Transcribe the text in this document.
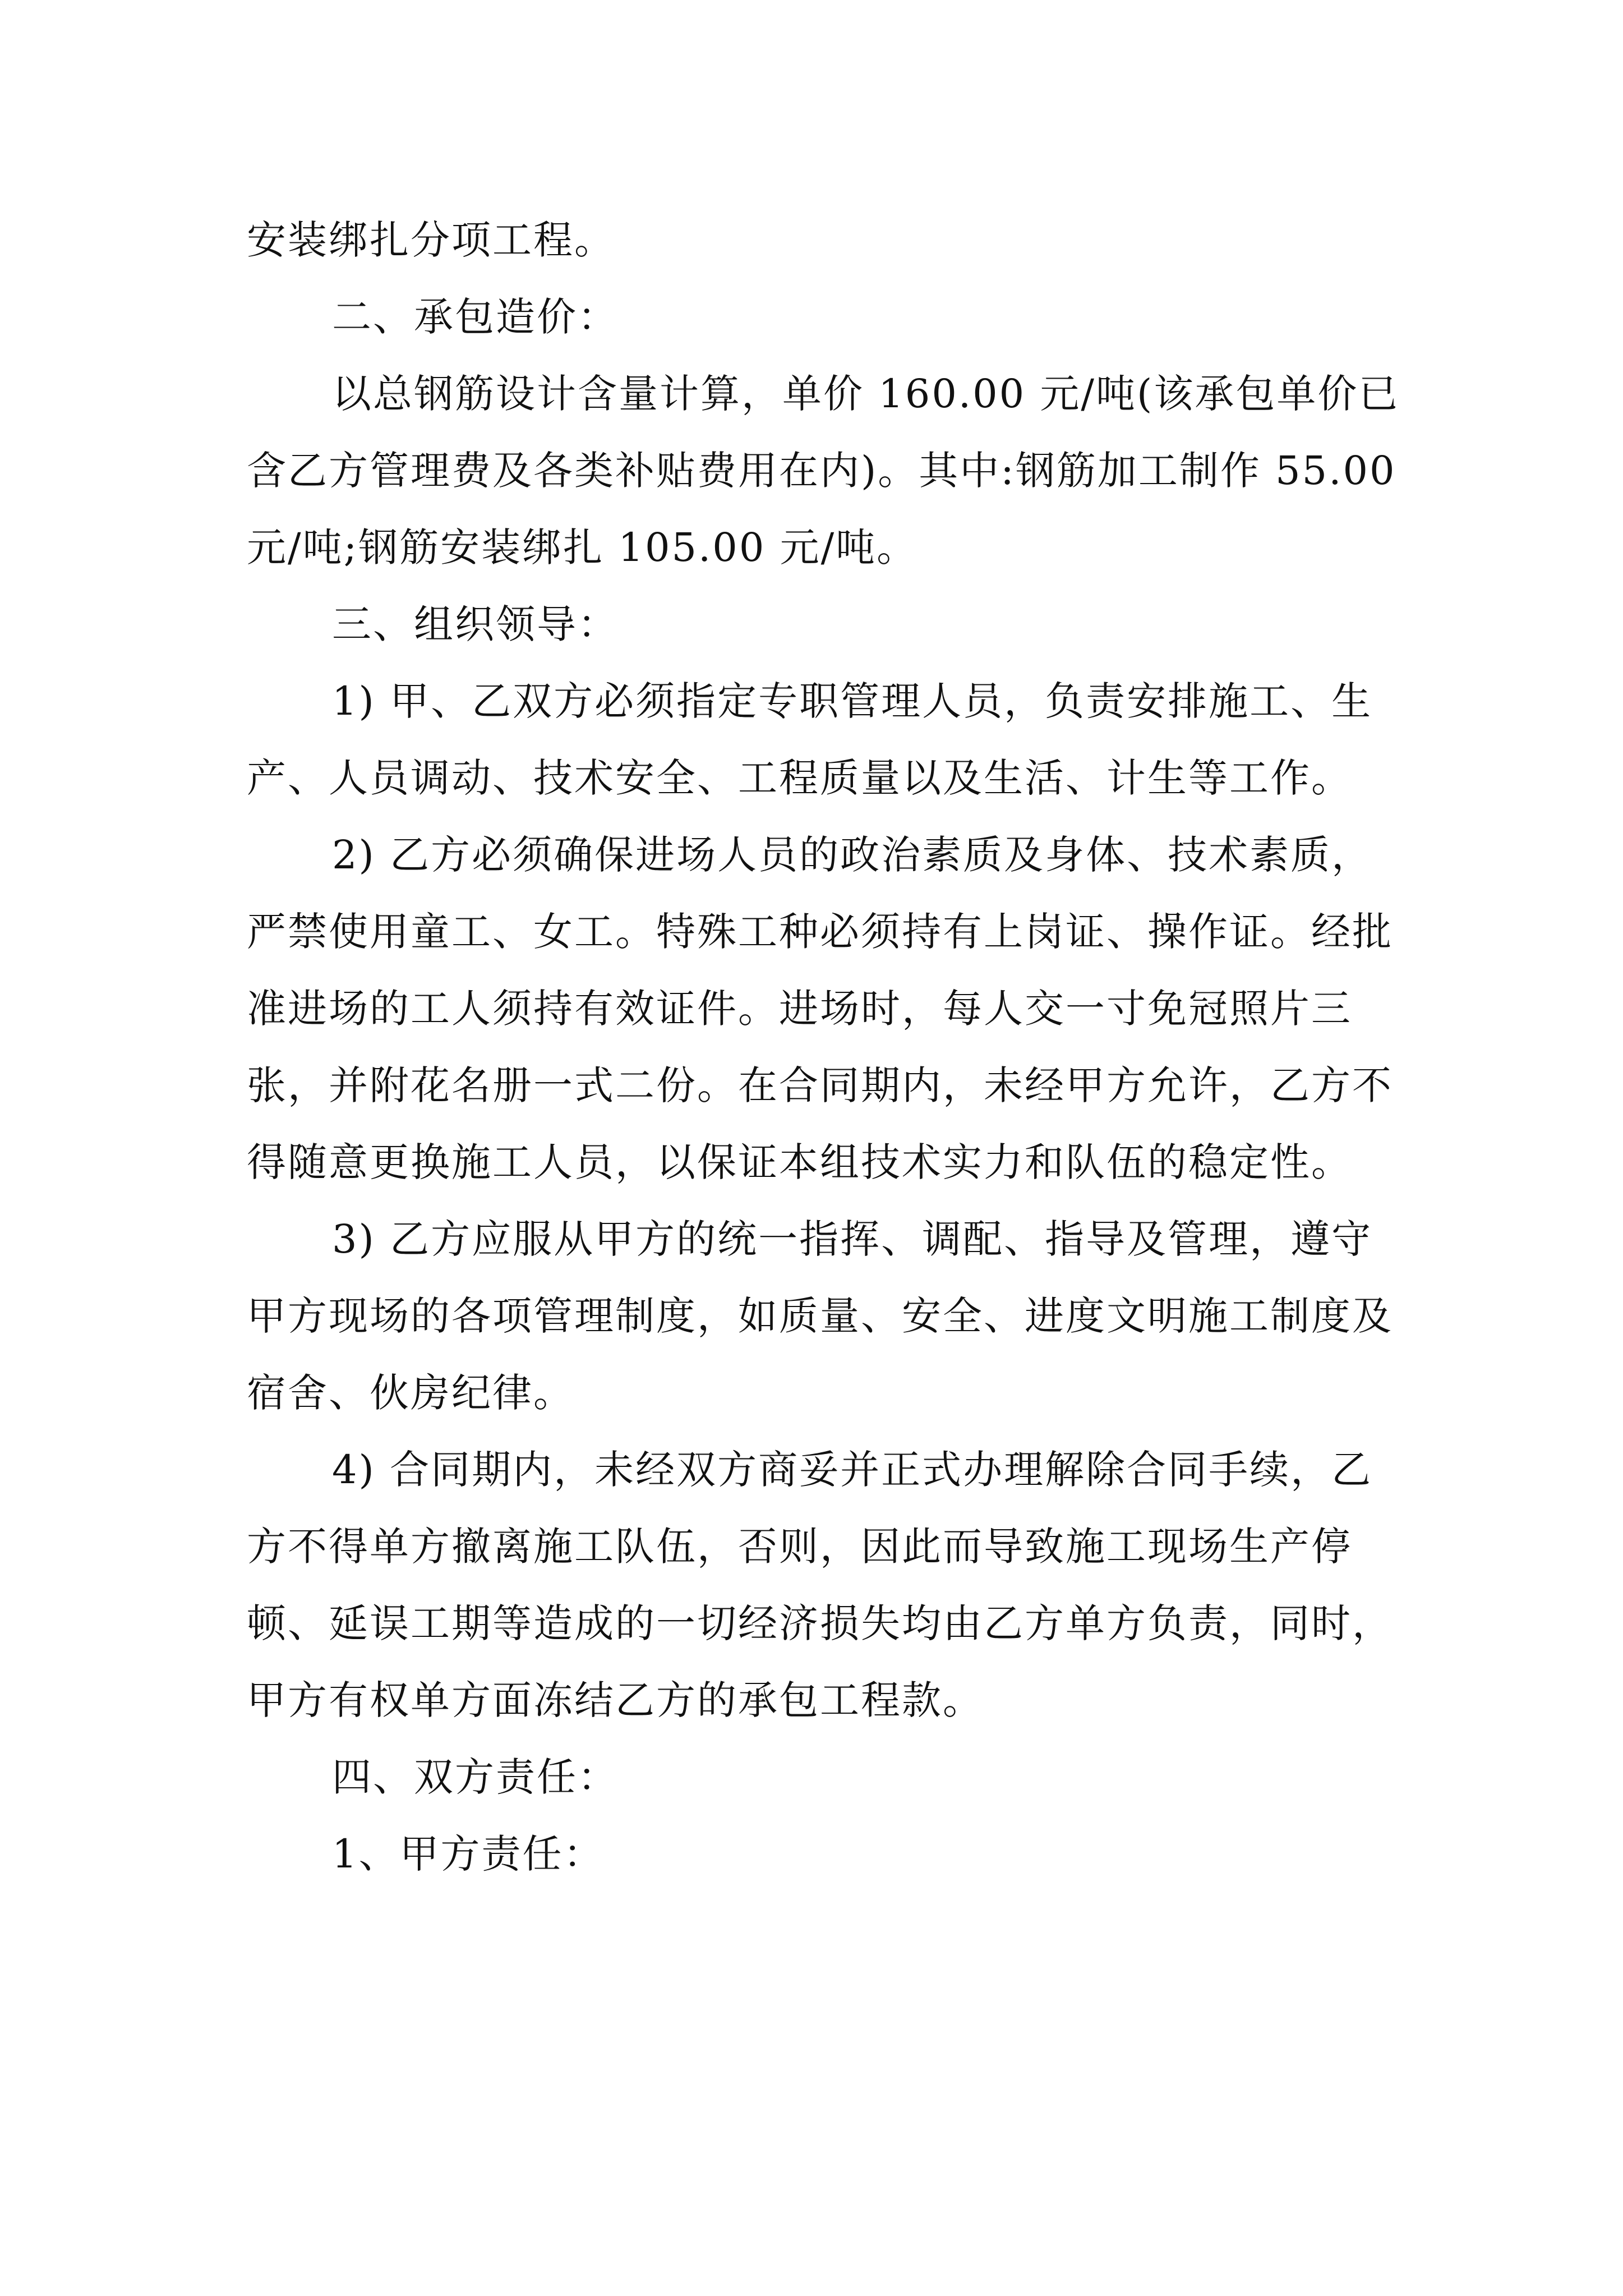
安装绑扎分项工程。

二、承包造价：

以总钢筋设计含量计算，单价 160.00 元/吨(该承包单价已含乙方管理费及各类补贴费用在内)。其中:钢筋加工制作 55.00 元/吨;钢筋安装绑扎 105.00 元/吨。

三、组织领导：

1) 甲、乙双方必须指定专职管理人员，负责安排施工、生产、人员调动、技术安全、工程质量以及生活、计生等工作。

2) 乙方必须确保进场人员的政治素质及身体、技术素质，严禁使用童工、女工。特殊工种必须持有上岗证、操作证。经批准进场的工人须持有效证件。进场时，每人交一寸免冠照片三张，并附花名册一式二份。在合同期内，未经甲方允许，乙方不得随意更换施工人员，以保证本组技术实力和队伍的稳定性。

3) 乙方应服从甲方的统一指挥、调配、指导及管理，遵守甲方现场的各项管理制度，如质量、安全、进度文明施工制度及宿舍、伙房纪律。

4) 合同期内，未经双方商妥并正式办理解除合同手续，乙方不得单方撤离施工队伍，否则，因此而导致施工现场生产停顿、延误工期等造成的一切经济损失均由乙方单方负责，同时，甲方有权单方面冻结乙方的承包工程款。

四、双方责任：

1、甲方责任：
